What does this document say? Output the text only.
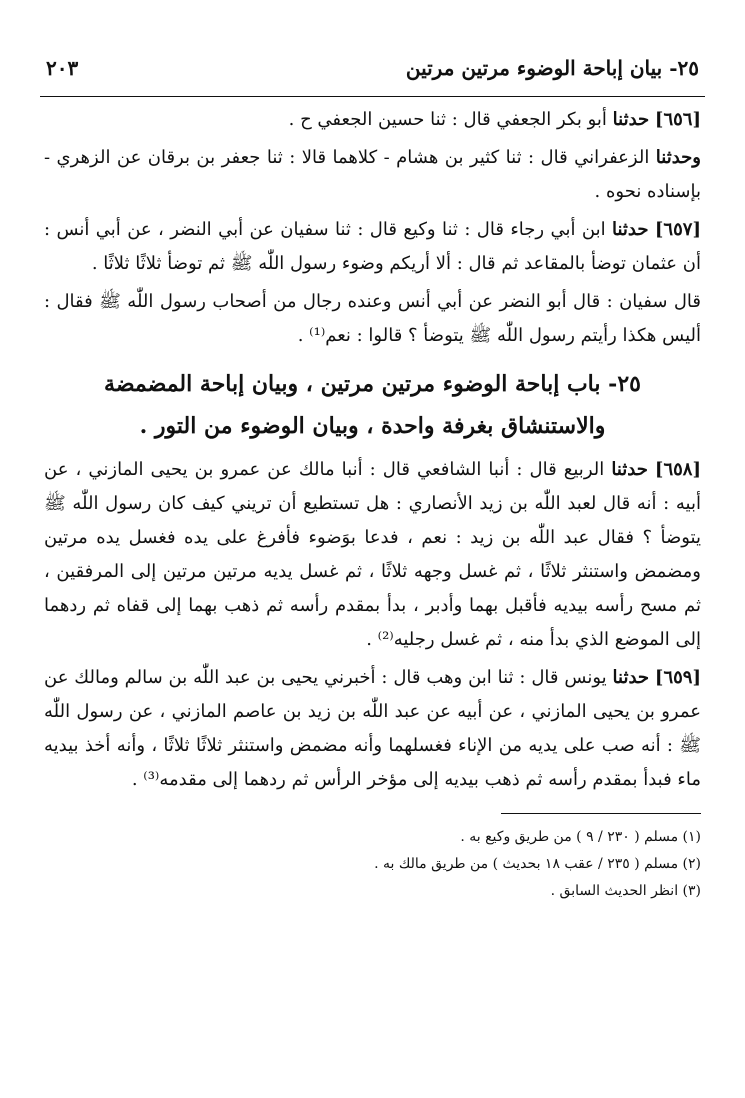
٢٥- بيان إباحة الوضوء مرتين مرتين
٢٠٣

[٦٥٦] حدثنا أبو بكر الجعفي قال : ثنا حسين الجعفي ح .

وحدثنا الزعفراني قال : ثنا كثير بن هشام - كلاهما قالا : ثنا جعفر بن برقان عن الزهري - بإسناده نحوه .

[٦٥٧] حدثنا ابن أبي رجاء قال : ثنا وكيع قال : ثنا سفيان عن أبي النضر ، عن أبي أنس : أن عثمان توضأ بالمقاعد ثم قال : ألا أريكم وضوء رسول اللّٰه ﷺ ثم توضأ ثلاثًا ثلاثًا .

قال سفيان : قال أبو النضر عن أبي أنس وعنده رجال من أصحاب رسول اللّٰه ﷺ فقال : أليس هكذا رأيتم رسول اللّٰه ﷺ يتوضأ ؟ قالوا : نعم⁽¹⁾ .

٢٥- باب إباحة الوضوء مرتين مرتين ، وبيان إباحة المضمضة
والاستنشاق بغرفة واحدة ، وبيان الوضوء من التور .

[٦٥٨] حدثنا الربيع قال : أنبا الشافعي قال : أنبا مالك عن عمرو بن يحيى المازني ، عن أبيه : أنه قال لعبد اللّٰه بن زيد الأنصاري : هل تستطيع أن تريني كيف كان رسول اللّٰه ﷺ يتوضأ ؟ فقال عبد اللّٰه بن زيد : نعم ، فدعا بوَضوء فأفرغ على يده فغسل يده مرتين ومضمض واستنثر ثلاثًا ، ثم غسل وجهه ثلاثًا ، ثم غسل يديه مرتين مرتين إلى المرفقين ، ثم مسح رأسه بيديه فأقبل بهما وأدبر ، بدأ بمقدم رأسه ثم ذهب بهما إلى قفاه ثم ردهما إلى الموضع الذي بدأ منه ، ثم غسل رجليه⁽²⁾ .

[٦٥٩] حدثنا يونس قال : ثنا ابن وهب قال : أخبرني يحيى بن عبد اللّٰه بن سالم ومالك عن عمرو بن يحيى المازني ، عن أبيه عن عبد اللّٰه بن زيد بن عاصم المازني ، عن رسول اللّٰه ﷺ : أنه صب على يديه من الإناء فغسلهما وأنه مضمض واستنثر ثلاثًا ثلاثًا ، وأنه أخذ بيديه ماء فبدأ بمقدم رأسه ثم ذهب بيديه إلى مؤخر الرأس ثم ردهما إلى مقدمه⁽³⁾ .

(١) مسلم ( ٢٣٠ / ٩ ) من طريق وكيع به .
(٢) مسلم ( ٢٣٥ / عقب ١٨ بحديث ) من طريق مالك به .
(٣) انظر الحديث السابق .
